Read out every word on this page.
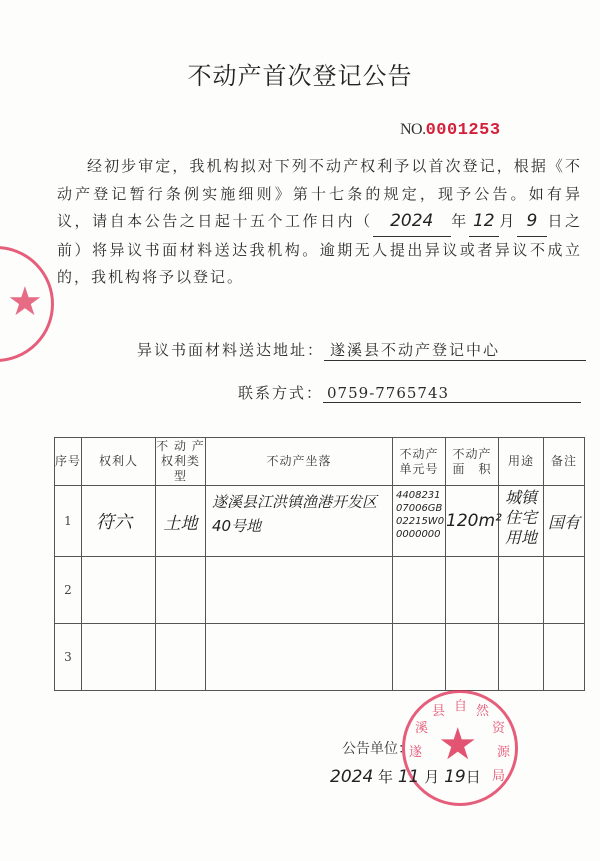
不动产首次登记公告
NO.0001253
经初步审定，我机构拟对下列不动产权利予以首次登记，根据《不动产登记暂行条例实施细则》第十七条的规定，现予公告。如有异议，请自本公告之日起十五个工作日内（ 2024 年 12 月 9 日之前）将异议书面材料送达我机构。逾期无人提出异议或者异议不成立的，我机构将予以登记。
异议书面材料送达地址： 遂溪县不动产登记中心
联系方式： 0759-7765743
序号	权利人	不 动 产 权利类型	不动产坐落	不动产 单元号	不动产 面　积	用途	备注
1	符六	土地	遂溪县江洪镇渔港开发区40号地	440823107006GB02215W00000000	120m²	城镇住宅用地	国有
2							
3							
★
★
遂
溪
县 自 然
资
源
局
公告单位：
2024 年 11 月 19日
